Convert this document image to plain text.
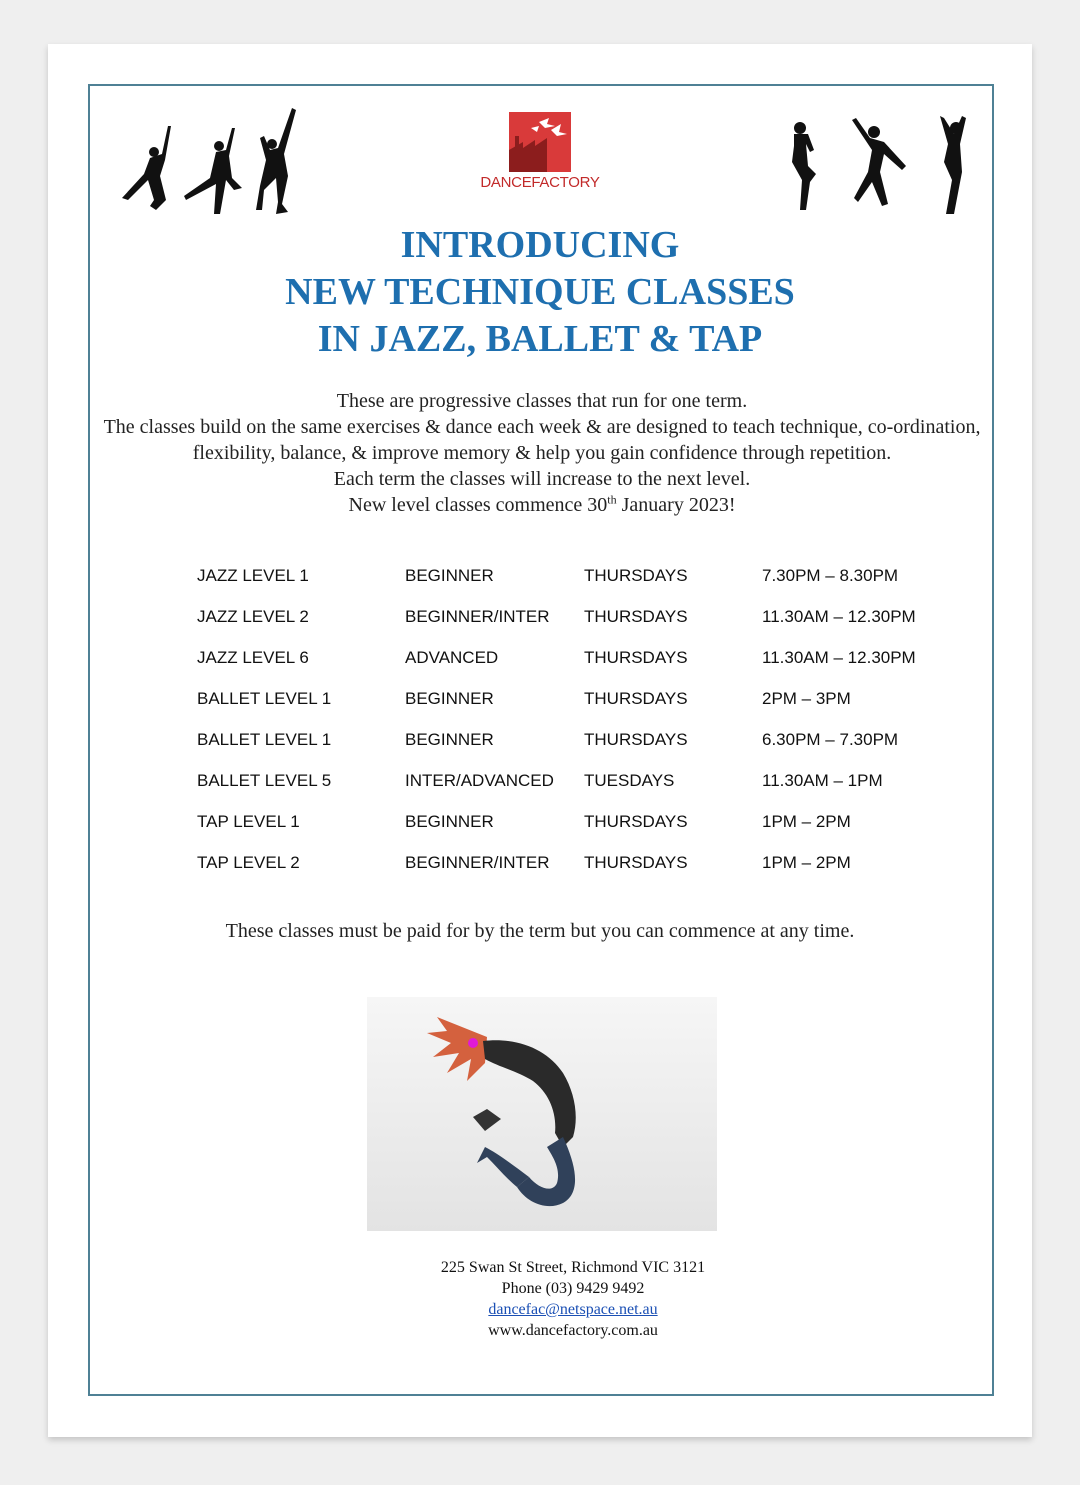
DANCEFACTORY
INTRODUCING
NEW TECHNIQUE CLASSES
IN JAZZ, BALLET & TAP

These are progressive classes that run for one term.

The classes build on the same exercises & dance each week & are designed to teach technique, co-ordination, flexibility, balance, & improve memory & help you gain confidence through repetition.

Each term the classes will increase to the next level.

New level classes commence 30th January 2023!

JAZZ LEVEL 1	BEGINNER	THURSDAYS	7.30PM – 8.30PM
JAZZ LEVEL 2	BEGINNER/INTER THURSDAYS	11.30AM – 12.30PM
JAZZ LEVEL 6	ADVANCED	THURSDAYS	11.30AM – 12.30PM
BALLET LEVEL 1	BEGINNER	THURSDAYS	2PM – 3PM
BALLET LEVEL 1	BEGINNER	THURSDAYS	6.30PM – 7.30PM
BALLET LEVEL 5	INTER/ADVANCED TUESDAYS	11.30AM – 1PM
TAP LEVEL 1	BEGINNER	THURSDAYS	1PM – 2PM
TAP LEVEL 2	BEGINNER/INTER THURSDAYS	1PM – 2PM
These classes must be paid for by the term but you can commence at any time.
225 Swan St Street, Richmond VIC 3121
Phone (03) 9429 9492
dancefac@netspace.net.au
www.dancefactory.com.au
